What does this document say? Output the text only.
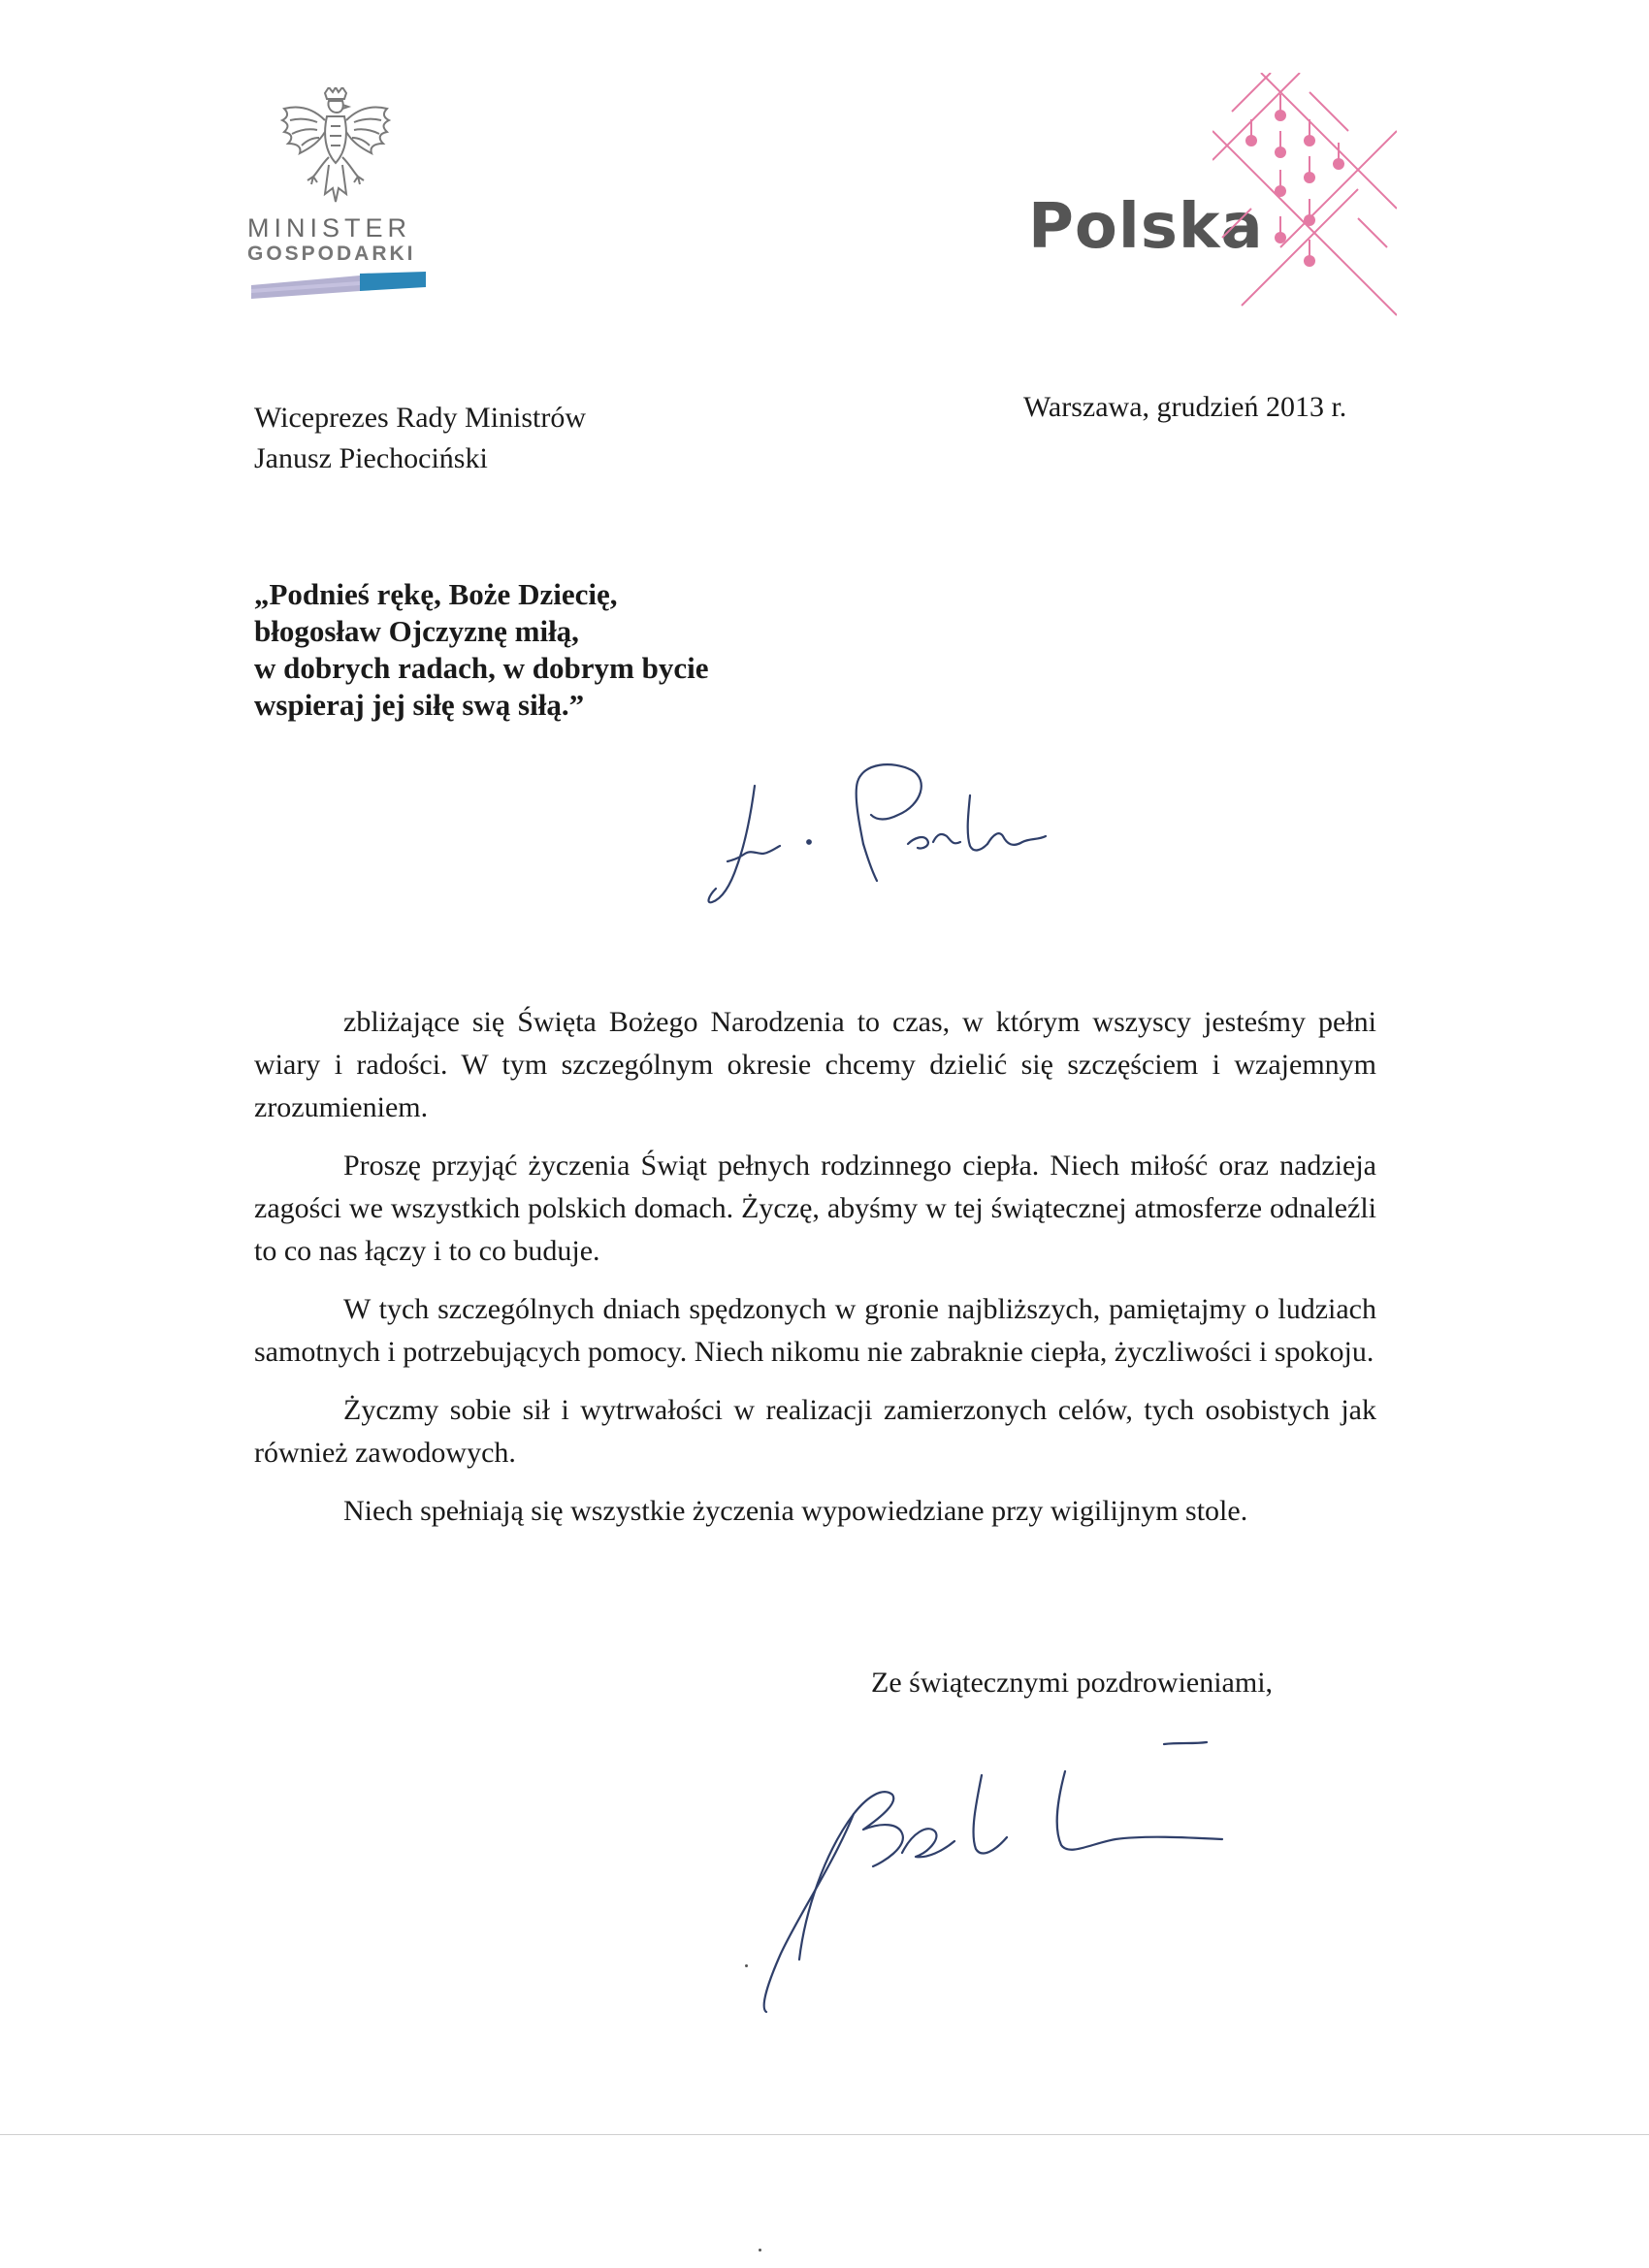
MINISTER
GOSPODARKI	Polska
Wiceprezes Rady Ministrów
Janusz Piechociński
Warszawa, grudzień 2013 r.
„Podnieś rękę, Boże Dziecię,
błogosław Ojczyznę miłą,
w dobrych radach, w dobrym bycie
wspieraj jej siłę swą siłą.”

zbliżające się Święta Bożego Narodzenia to czas, w którym wszyscy jesteśmy pełni wiary i radości. W tym szczególnym okresie chcemy dzielić się szczęściem i wzajemnym zrozumieniem.

Proszę przyjąć życzenia Świąt pełnych rodzinnego ciepła. Niech miłość oraz nadzieja zagości we wszystkich polskich domach. Życzę, abyśmy w tej świątecznej atmosferze odnaleźli to co nas łączy i to co buduje.

W tych szczególnych dniach spędzonych w gronie najbliższych, pamiętajmy o ludziach samotnych i potrzebujących pomocy. Niech nikomu nie zabraknie ciepła, życzliwości i spokoju.

Życzmy sobie sił i wytrwałości w realizacji zamierzonych celów, tych osobistych jak również zawodowych.

Niech spełniają się wszystkie życzenia wypowiedziane przy wigilijnym stole.

Ze świątecznymi pozdrowieniami,
